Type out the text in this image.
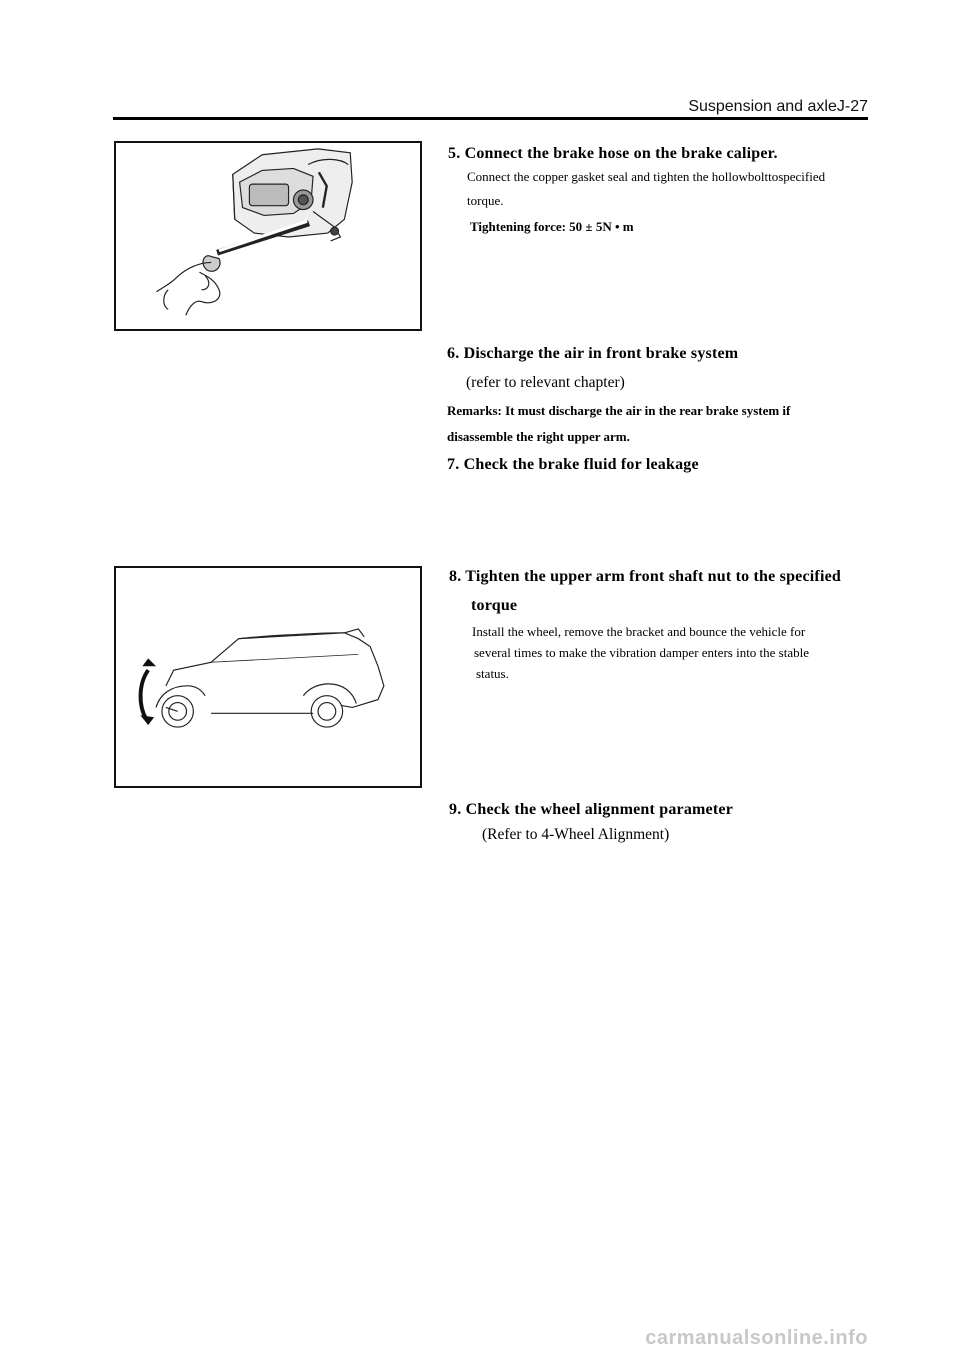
Suspension and axleJ-27
5. Connect the brake hose on the brake caliper.
Connect the copper gasket seal and tighten the hollowbolttospecified
torque.
Tightening force: 50 ± 5N • m
6. Discharge the air in front brake system
(refer to relevant chapter)
Remarks: It must discharge the air in the rear brake system if
disassemble the right upper arm.
7. Check the brake fluid for leakage
8. Tighten the upper arm front shaft nut to the specified
torque
Install the wheel, remove the bracket and bounce the vehicle for
several times to make the vibration damper enters into the stable
status.
9. Check the wheel alignment parameter
(Refer to 4-Wheel Alignment)
carmanualsonline.info
